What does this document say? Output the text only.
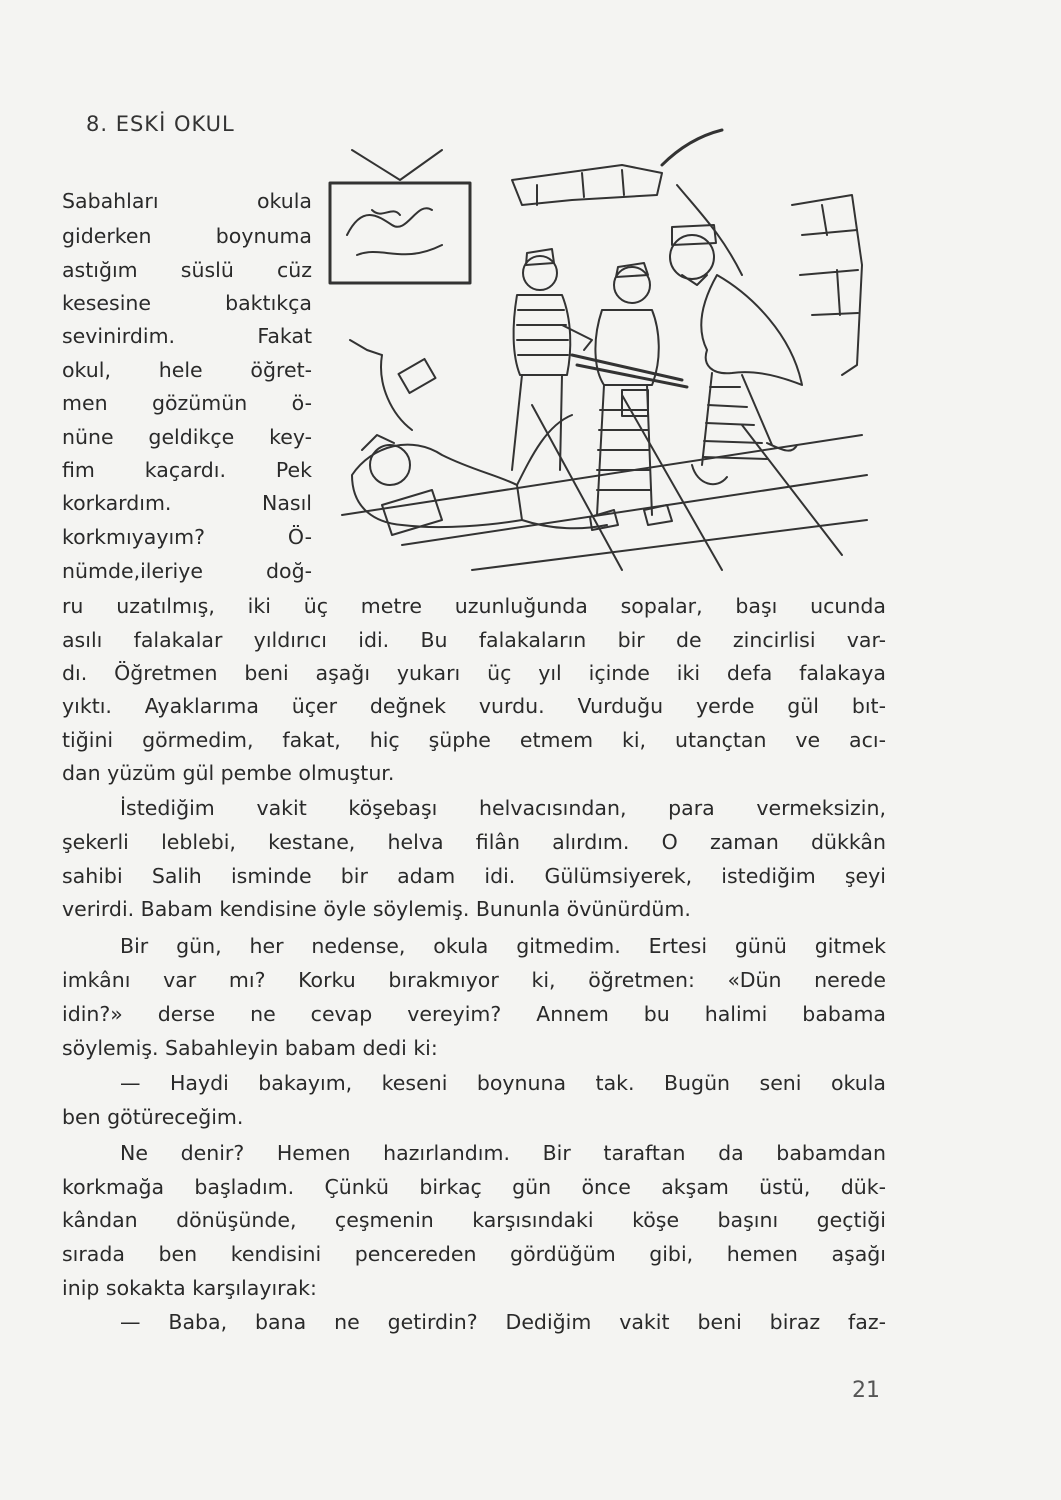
8. ESKİ OKUL
Sabahları okula
giderken boynuma
astığım süslü cüz
kesesine baktıkça
sevinirdim. Fakat
okul, hele öğret-
men gözümün ö-
nüne geldikçe key-
fim kaçardı. Pek
korkardım. Nasıl
korkmıyayım? Ö-
nümde,ileriye doğ-
ru uzatılmış, iki üç metre uzunluğunda sopalar, başı ucunda
asılı falakalar yıldırıcı idi. Bu falakaların bir de zincirlisi var-
dı. Öğretmen beni aşağı yukarı üç yıl içinde iki defa falakaya
yıktı. Ayaklarıma üçer değnek vurdu. Vurduğu yerde gül bıt-
tiğini görmedim, fakat, hiç şüphe etmem ki, utançtan ve acı-
dan yüzüm gül pembe olmuştur.
İstediğim vakit köşebaşı helvacısından, para vermeksizin,
şekerli leblebi, kestane, helva filân alırdım. O zaman dükkân
sahibi Salih isminde bir adam idi. Gülümsiyerek, istediğim şeyi
verirdi. Babam kendisine öyle söylemiş. Bununla övünürdüm.
Bir gün, her nedense, okula gitmedim. Ertesi günü gitmek
imkânı var mı? Korku bırakmıyor ki, öğretmen: «Dün nerede
idin?» derse ne cevap vereyim? Annem bu halimi babama
söylemiş. Sabahleyin babam dedi ki:
— Haydi bakayım, keseni boynuna tak. Bugün seni okula
ben götüreceğim.
Ne denir? Hemen hazırlandım. Bir taraftan da babamdan
korkmağa başladım. Çünkü birkaç gün önce akşam üstü, dük-
kândan dönüşünde, çeşmenin karşısındaki köşe başını geçtiği
sırada ben kendisini pencereden gördüğüm gibi, hemen aşağı
inip sokakta karşılayırak:
— Baba, bana ne getirdin? Dediğim vakit beni biraz faz-
21
